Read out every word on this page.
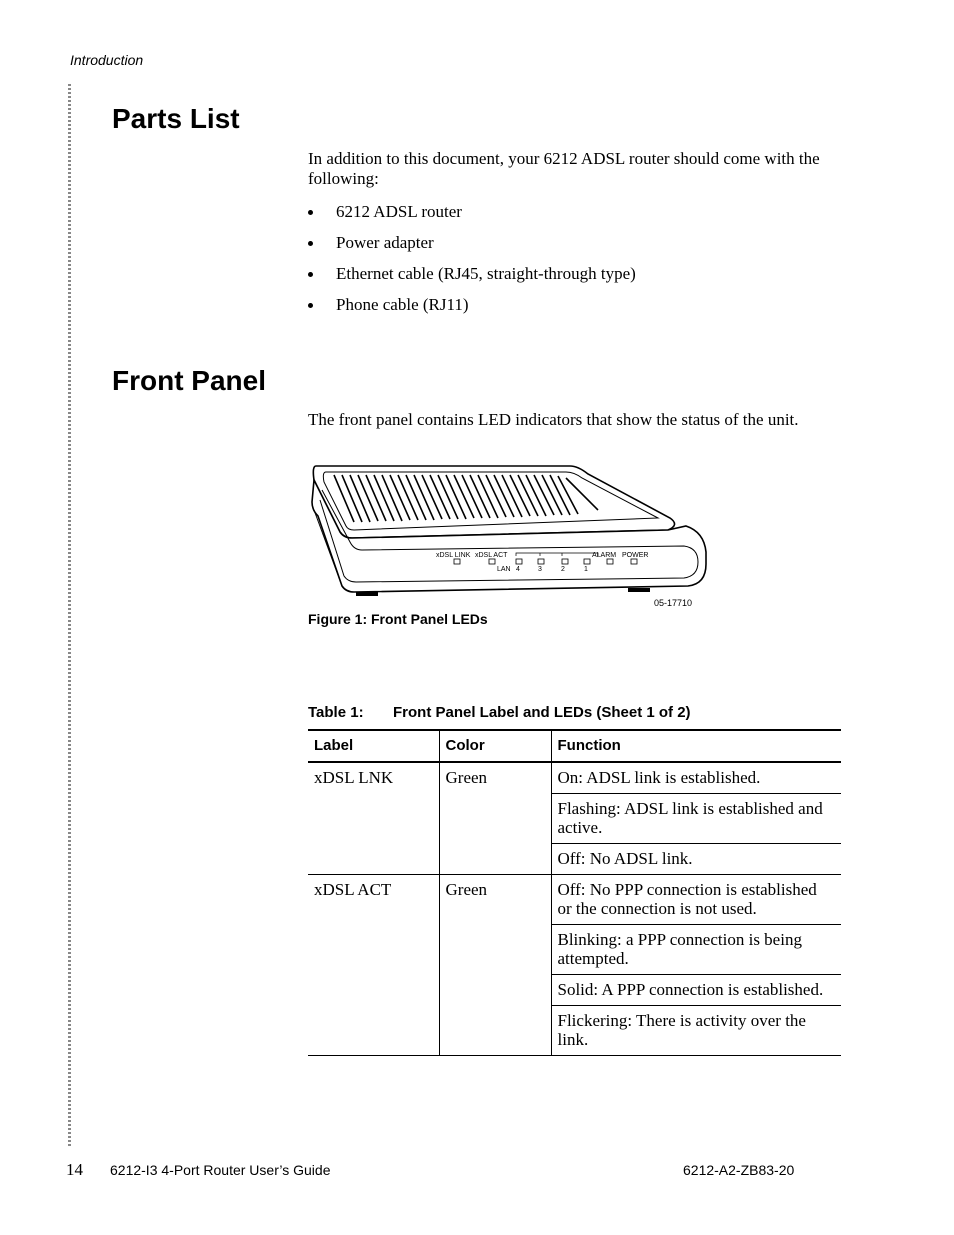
Introduction
Parts List
In addition to this document, your 6212 ADSL router should come with the following:
6212 ADSL router
Power adapter
Ethernet cable (RJ45, straight-through type)
Phone cable (RJ11)
Front Panel
The front panel contains LED indicators that show the status of the unit.
xDSL LINK xDSL ACT
LAN 4	3	2	1
ALARM POWER
05-17710
Figure 1: Front Panel LEDs
Table 1: Front Panel Label and LEDs (Sheet 1 of 2)
Label	Color	Function
xDSL LNK	Green	On: ADSL link is established.
		Flashing: ADSL link is established and active.
		Off: No ADSL link.
xDSL ACT	Green	Off: No PPP connection is established or the connection is not used.
		Blinking: a PPP connection is being attempted.
		Solid: A PPP connection is established.
		Flickering: There is activity over the link.
14 6212-I3 4-Port Router User’s Guide	6212-A2-ZB83-20
